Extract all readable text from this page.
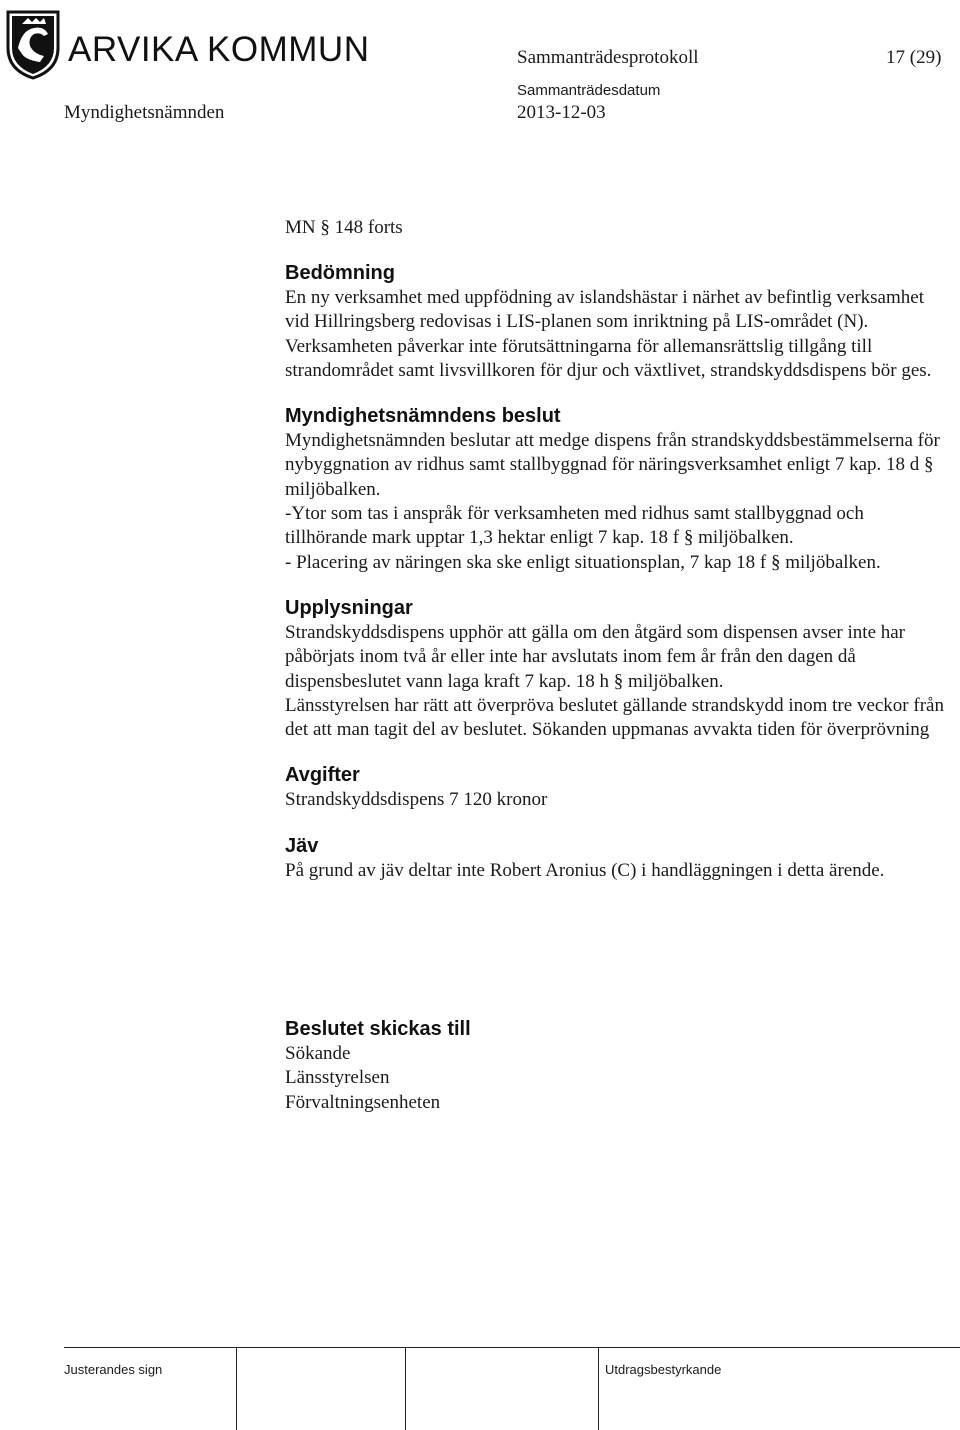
ARVIKA KOMMUN	Sammanträdesprotokoll	17 (29)
Myndighetsnämnden
Sammanträdesdatum
2013-12-03

MN § 148 forts

Bedömning

En ny verksamhet med uppfödning av islandshästar i närhet av befintlig verksamhet vid Hillringsberg redovisas i LIS-planen som inriktning på LIS-området (N). Verksamheten påverkar inte förutsättningarna för allemansrättslig tillgång till strandområdet samt livsvillkoren för djur och växtlivet, strandskyddsdispens bör ges.

Myndighetsnämndens beslut

Myndighetsnämnden beslutar att medge dispens från strandskyddsbestämmelserna för nybyggnation av ridhus samt stallbyggnad för näringsverksamhet enligt 7 kap. 18 d § miljöbalken.

-Ytor som tas i anspråk för verksamheten med ridhus samt stallbyggnad och tillhörande mark upptar 1,3 hektar enligt 7 kap. 18 f § miljöbalken.

- Placering av näringen ska ske enligt situationsplan, 7 kap 18 f § miljöbalken.

Upplysningar

Strandskyddsdispens upphör att gälla om den åtgärd som dispensen avser inte har påbörjats inom två år eller inte har avslutats inom fem år från den dagen då dispensbeslutet vann laga kraft 7 kap. 18 h § miljöbalken.

Länsstyrelsen har rätt att överpröva beslutet gällande strandskydd inom tre veckor från det att man tagit del av beslutet. Sökanden uppmanas avvakta tiden för överprövning

Avgifter

Strandskyddsdispens 7 120 kronor

Jäv

På grund av jäv deltar inte Robert Aronius (C) i handläggningen i detta ärende.

Beslutet skickas till

Sökande

Länsstyrelsen

Förvaltningsenheten

Justerandes sign	Utdragsbestyrkande
